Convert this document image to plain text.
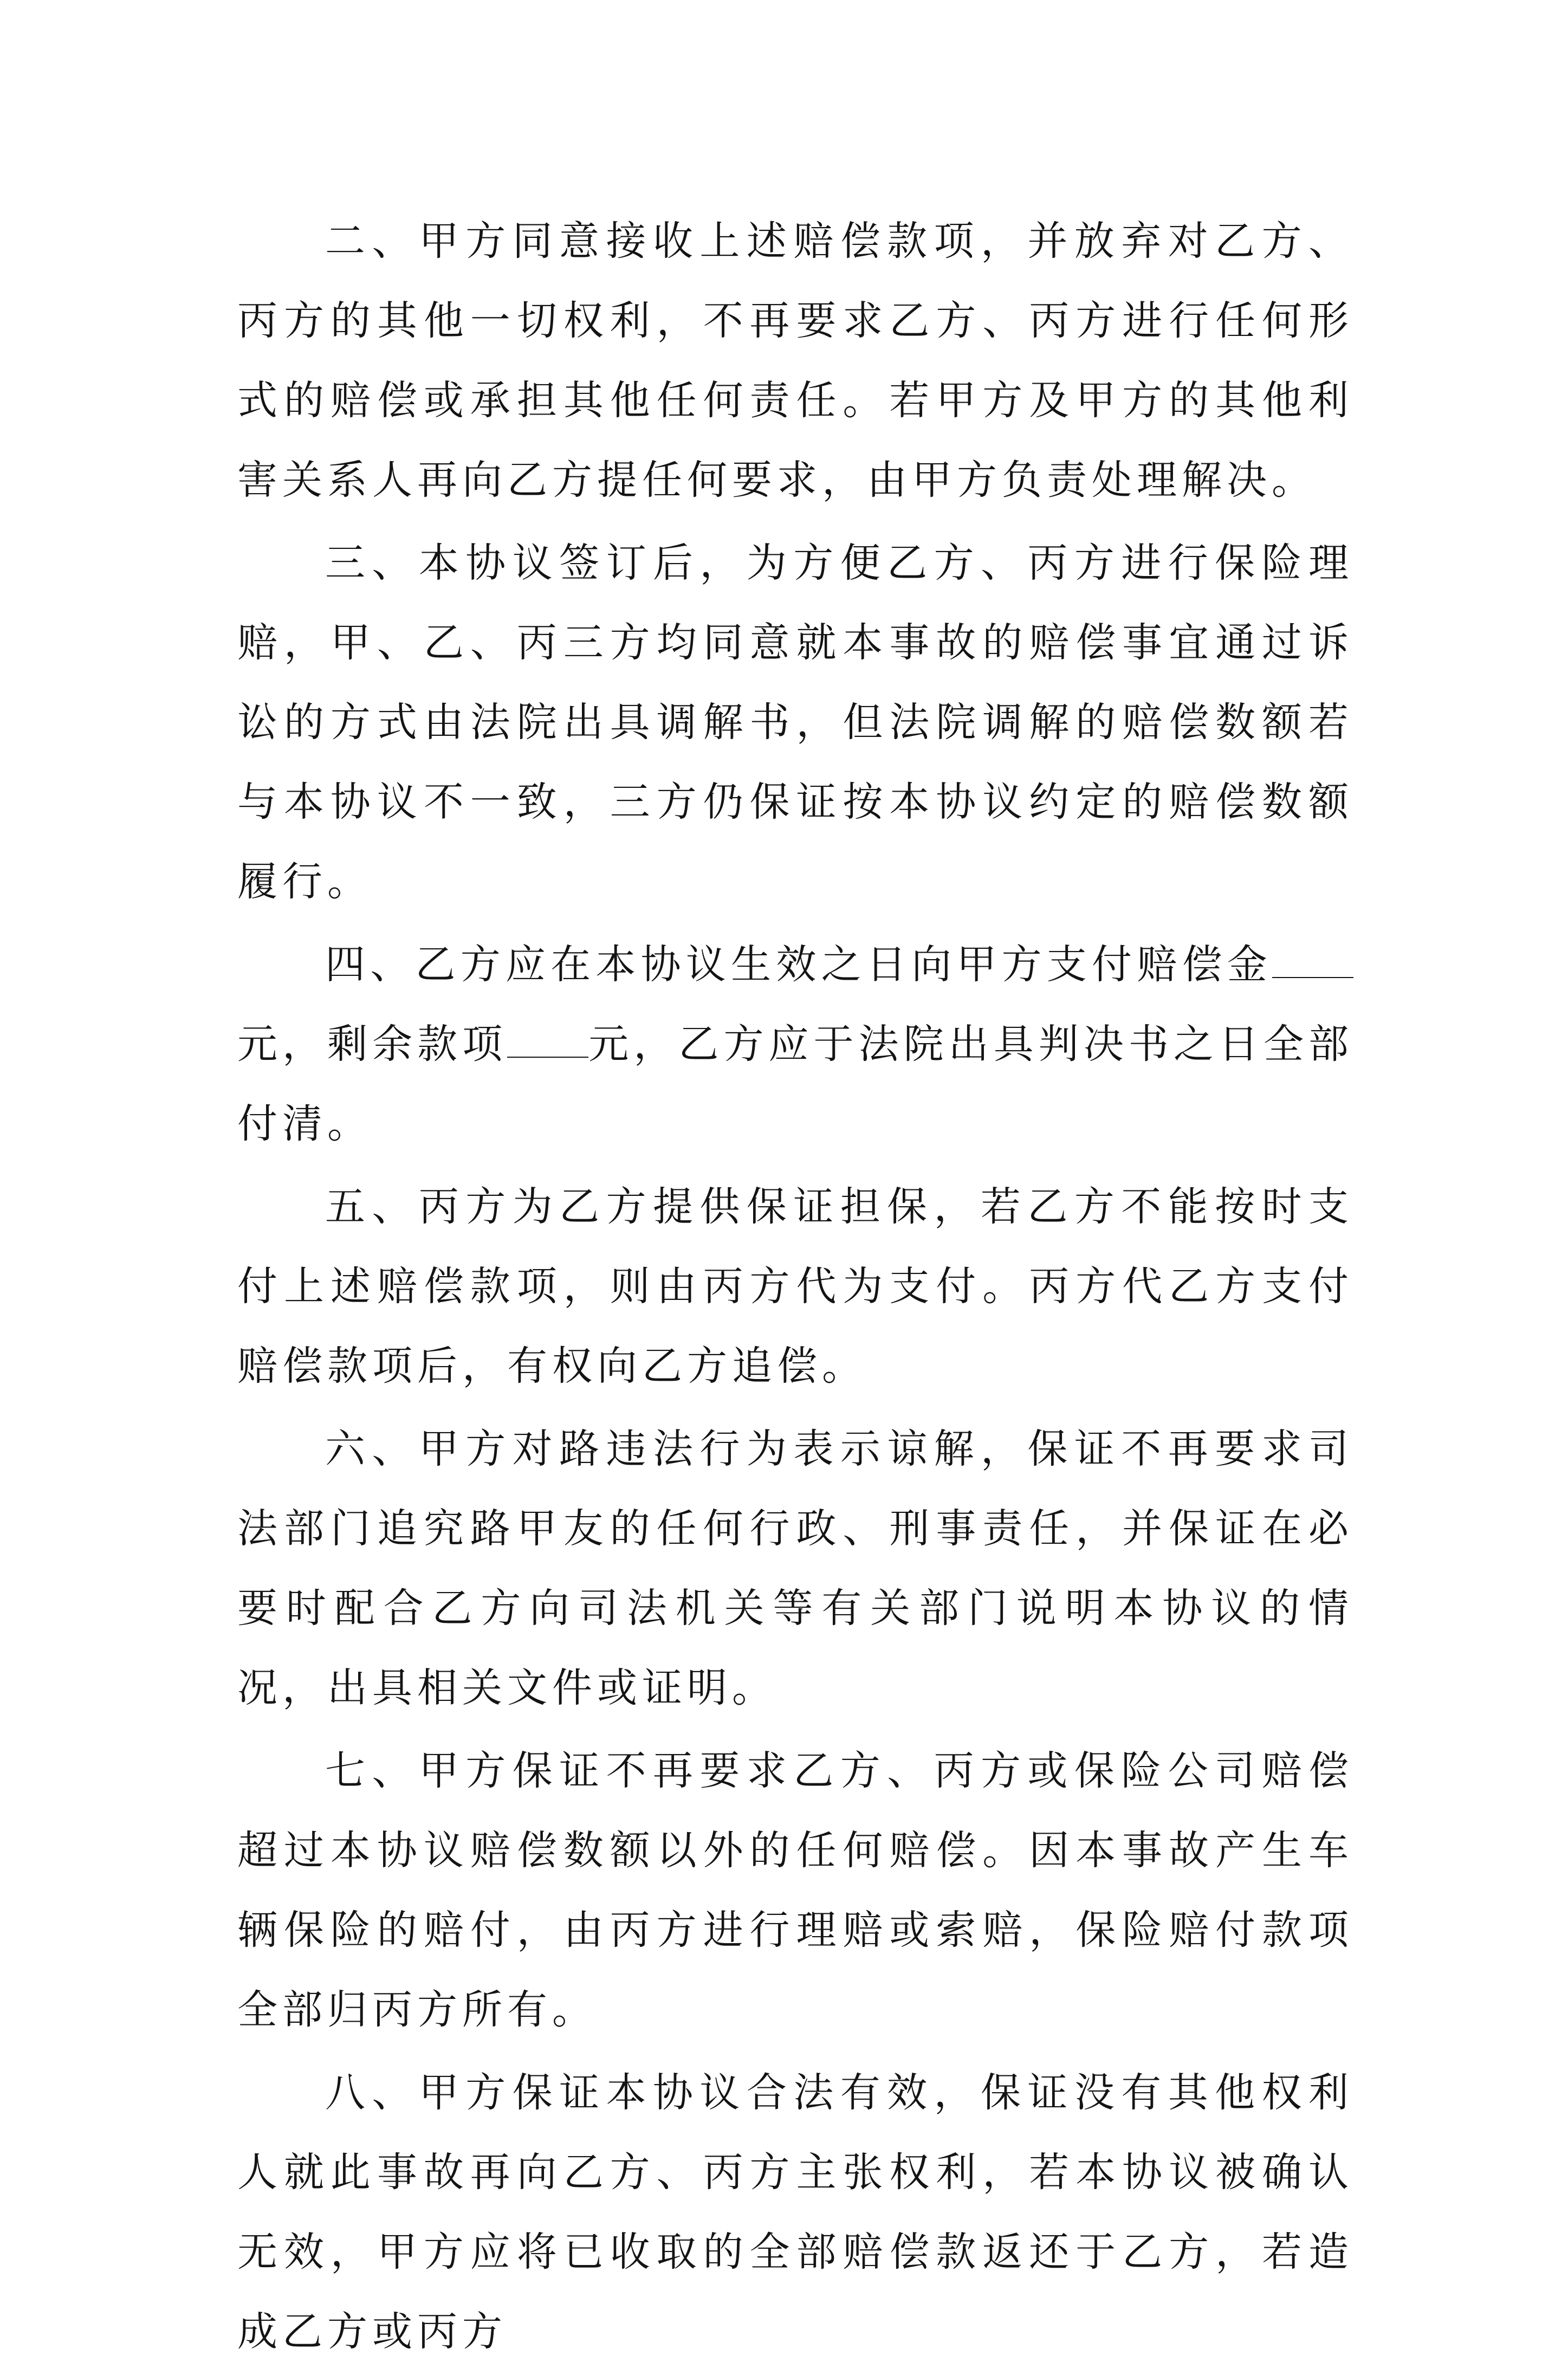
二、甲方同意接收上述赔偿款项，并放弃对乙方、丙方的其他一切权利，不再要求乙方、丙方进行任何形式的赔偿或承担其他任何责任。若甲方及甲方的其他利害关系人再向乙方提任何要求，由甲方负责处理解决。

三、本协议签订后，为方便乙方、丙方进行保险理赔，甲、乙、丙三方均同意就本事故的赔偿事宜通过诉讼的方式由法院出具调解书，但法院调解的赔偿数额若与本协议不一致，三方仍保证按本协议约定的赔偿数额履行。

四、乙方应在本协议生效之日向甲方支付赔偿金元，剩余款项 元，乙方应于法院出具判决书之日全部付清。

五、丙方为乙方提供保证担保，若乙方不能按时支付上述赔偿款项，则由丙方代为支付。丙方代乙方支付赔偿款项后，有权向乙方追偿。

六、甲方对路违法行为表示谅解，保证不再要求司法部门追究路甲友的任何行政、刑事责任，并保证在必要时配合乙方向司法机关等有关部门说明本协议的情况，出具相关文件或证明。

七、甲方保证不再要求乙方、丙方或保险公司赔偿超过本协议赔偿数额以外的任何赔偿。因本事故产生车辆保险的赔付，由丙方进行理赔或索赔，保险赔付款项全部归丙方所有。

八、甲方保证本协议合法有效，保证没有其他权利人就此事故再向乙方、丙方主张权利，若本协议被确认无效，甲方应将已收取的全部赔偿款返还于乙方，若造成乙方或丙方
